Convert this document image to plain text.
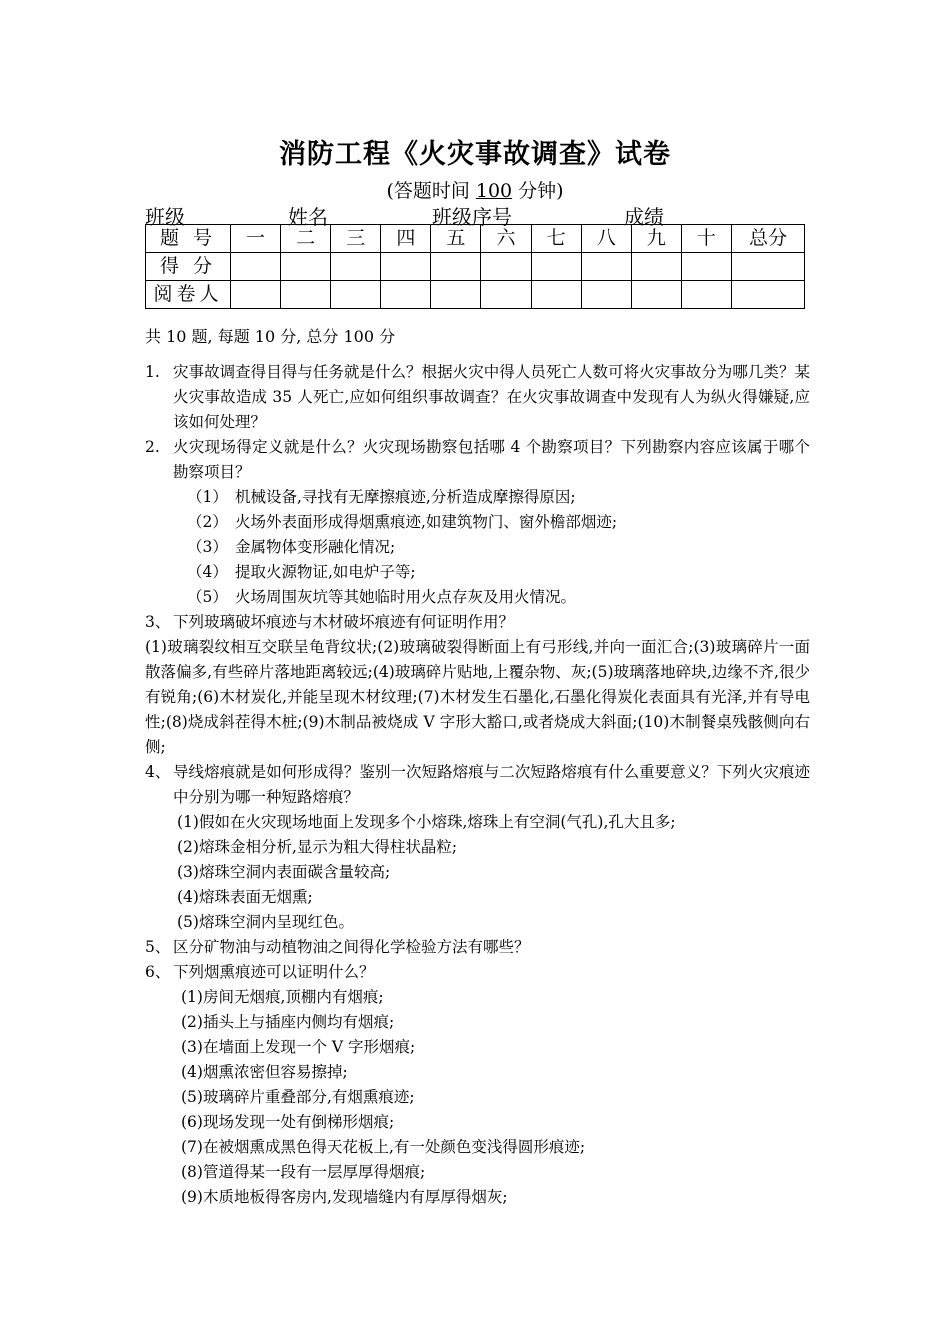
消防工程《火灾事故调查》试卷
(答题时间 100 分钟)
班级	姓名	班级序号	成绩
题 号	一	二	三	四	五	六	七	八	九	十	总分
得 分											
阅卷人											
共 10 题, 每题 10 分, 总分 100 分
1. 灾事故调查得目得与任务就是什么？根据火灾中得人员死亡人数可将火灾事故分为哪几类？某火灾事故造成 35 人死亡,应如何组织事故调查？在火灾事故调查中发现有人为纵火得嫌疑,应该如何处理？
2. 火灾现场得定义就是什么？火灾现场勘察包括哪 4 个勘察项目？下列勘察内容应该属于哪个勘察项目？
（1） 机械设备,寻找有无摩擦痕迹,分析造成摩擦得原因;
（2） 火场外表面形成得烟熏痕迹,如建筑物门、窗外檐部烟迹;
（3） 金属物体变形融化情况;
（4） 提取火源物证,如电炉子等;
（5） 火场周围灰坑等其她临时用火点存灰及用火情况。
3、 下列玻璃破坏痕迹与木材破坏痕迹有何证明作用？
(1)玻璃裂纹相互交联呈龟背纹状;(2)玻璃破裂得断面上有弓形线,并向一面汇合;(3)玻璃碎片一面散落偏多,有些碎片落地距离较远;(4)玻璃碎片贴地,上覆杂物、灰;(5)玻璃落地碎块,边缘不齐,很少有锐角;(6)木材炭化,并能呈现木材纹理;(7)木材发生石墨化,石墨化得炭化表面具有光泽,并有导电性;(8)烧成斜茬得木桩;(9)木制品被烧成 V 字形大豁口,或者烧成大斜面;(10)木制餐桌残骸侧向右侧;
4、 导线熔痕就是如何形成得？鉴别一次短路熔痕与二次短路熔痕有什么重要意义？下列火灾痕迹中分别为哪一种短路熔痕？
(1)假如在火灾现场地面上发现多个小熔珠,熔珠上有空洞(气孔),孔大且多;
(2)熔珠金相分析,显示为粗大得柱状晶粒;
(3)熔珠空洞内表面碳含量较高;
(4)熔珠表面无烟熏;
(5)熔珠空洞内呈现红色。
5、 区分矿物油与动植物油之间得化学检验方法有哪些？
6、 下列烟熏痕迹可以证明什么？
(1)房间无烟痕,顶棚内有烟痕;
(2)插头上与插座内侧均有烟痕;
(3)在墙面上发现一个 V 字形烟痕;
(4)烟熏浓密但容易擦掉;
(5)玻璃碎片重叠部分,有烟熏痕迹;
(6)现场发现一处有倒梯形烟痕;
(7)在被烟熏成黑色得天花板上,有一处颜色变浅得圆形痕迹;
(8)管道得某一段有一层厚厚得烟痕;
(9)木质地板得客房内,发现墙缝内有厚厚得烟灰;
